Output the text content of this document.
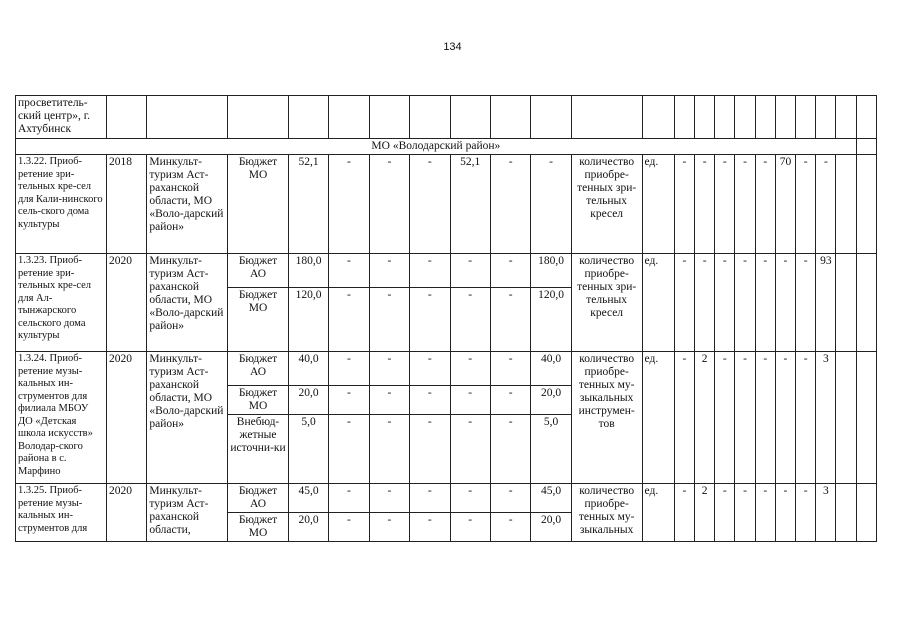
134
просветитель-ский центр», г. Ахтубинск																						
МО «Володарский район»																						
1.3.22. Приоб-ретение зри-тельных кре-сел для Кали-нинского сель-ского дома культуры	2018	Минкульт-туризм Аст-раханской области, МО «Воло-дарский район»	Бюджет МО	52,1	-	-	-	52,1	-	-	количество приобре-тенных зри-тельных кресел	ед.	-	-	-	-	-	70	-	-		
1.3.23. Приоб-ретение зри-тельных кре-сел для Ал-тынжарского сельского дома культуры	2020	Минкульт-туризм Аст-раханской области, МО «Воло-дарский район»	Бюджет АО	180,0	-	-	-	-	-	180,0	количество приобре-тенных зри-тельных кресел	ед.	-	-	-	-	-	-	-	93		
			Бюджет МО	120,0	-	-	-	-	-	120,0												
1.3.24. Приоб-ретение музы-кальных ин-струментов для филиала МБОУ ДО «Детская школа искусств» Володар-ского района в с. Марфино	2020	Минкульт-туризм Аст-раханской области, МО «Воло-дарский район»	Бюджет АО	40,0	-	-	-	-	-	40,0	количество приобре-тенных му-зыкальных инструмен-тов	ед.	-	2	-	-	-	-	-	3		
			Бюджет МО	20,0	-	-	-	-	-	20,0												
			Внебюд-жетные источни-ки	5,0	-	-	-	-	-	5,0												
1.3.25. Приоб-ретение музы-кальных ин-струментов для	2020	Минкульт-туризм Аст-раханской области,	Бюджет АО	45,0	-	-	-	-	-	45,0	количество приобре-тенных му-зыкальных	ед.	-	2	-	-	-	-	-	3		
			Бюджет МО	20,0	-	-	-	-	-	20,0												
